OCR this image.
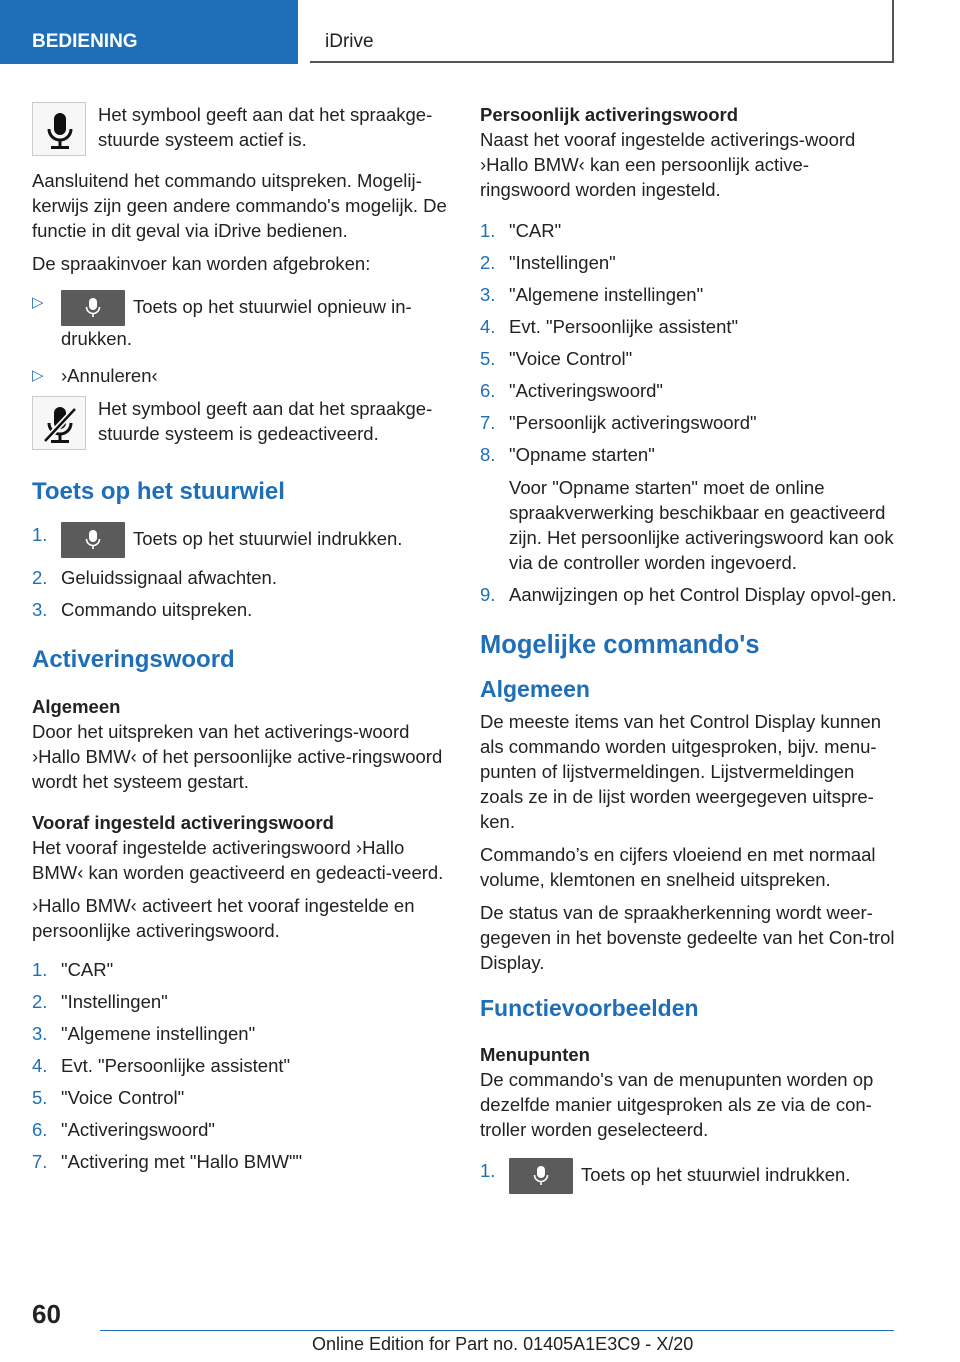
BEDIENING	iDrive

Het symbool geeft aan dat het spraakge-stuurde systeem actief is.

Aansluitend het commando uitspreken. Mogelij-kerwijs zijn geen andere commando's mogelijk. De functie in dit geval via iDrive bedienen.

De spraakinvoer kan worden afgebroken:

▷	Toets op het stuurwiel opnieuw in-drukken.
▷ ›Annuleren‹

Het symbool geeft aan dat het spraakge-stuurde systeem is gedeactiveerd.

Toets op het stuurwiel
1.	Toets op het stuurwiel indrukken.
2. Geluidssignaal afwachten.
3. Commando uitspreken.
Activeringswoord
Algemeen

Door het uitspreken van het activerings-woord ›Hallo BMW‹ of het persoonlijke active-ringswoord wordt het systeem gestart.

Vooraf ingesteld activeringswoord

Het vooraf ingestelde activeringswoord ›Hallo BMW‹ kan worden geactiveerd en gedeacti-veerd.

›Hallo BMW‹ activeert het vooraf ingestelde en persoonlijke activeringswoord.

1. "CAR"
2. "Instellingen"
3. "Algemene instellingen"
4. Evt. "Persoonlijke assistent"
5. "Voice Control"
6. "Activeringswoord"
7. "Activering met "Hallo BMW""
Persoonlijk activeringswoord

Naast het vooraf ingestelde activerings-woord ›Hallo BMW‹ kan een persoonlijk active-ringswoord worden ingesteld.

1. "CAR"
2. "Instellingen"
3. "Algemene instellingen"
4. Evt. "Persoonlijke assistent"
5. "Voice Control"
6. "Activeringswoord"
7. "Persoonlijk activeringswoord"
8. "Opname starten"
Voor "Opname starten" moet de online spraakverwerking beschikbaar en geactiveerd zijn. Het persoonlijke activeringswoord kan ook via de controller worden ingevoerd.
9. Aanwijzingen op het Control Display opvol-gen.
Mogelijke commando's
Algemeen

De meeste items van het Control Display kunnen als commando worden uitgesproken, bijv. menu-punten of lijstvermeldingen. Lijstvermeldingen zoals ze in de lijst worden weergegeven uitspre-ken.

Commando’s en cijfers vloeiend en met normaal volume, klemtonen en snelheid uitspreken.

De status van de spraakherkenning wordt weer-gegeven in het bovenste gedeelte van het Con-trol Display.

Functievoorbeelden
Menupunten

De commando's van de menupunten worden op dezelfde manier uitgesproken als ze via de con-troller worden geselecteerd.

1.	Toets op het stuurwiel indrukken.
60
Online Edition for Part no. 01405A1E3C9 - X/20
